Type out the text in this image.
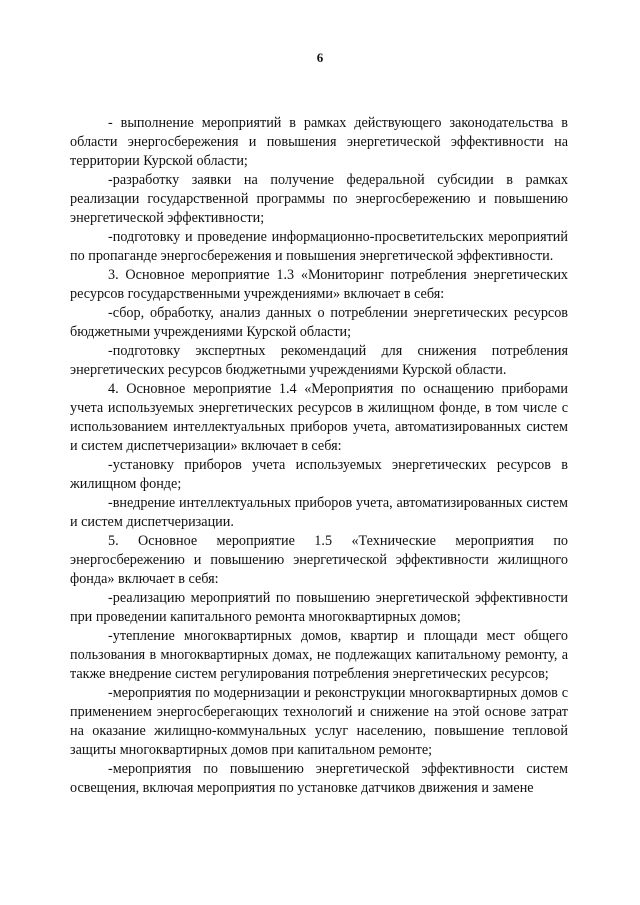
6

- выполнение мероприятий в рамках действующего законодательства в области энергосбережения и повышения энергетической эффективности на территории Курской области;

-разработку заявки на получение федеральной субсидии в рамках реализации государственной программы по энергосбережению и повышению энергетической эффективности;

-подготовку и проведение информационно-просветительских мероприятий по пропаганде энергосбережения и повышения энергетической эффективности.

3. Основное мероприятие 1.3 «Мониторинг потребления энергетических ресурсов государственными учреждениями» включает в себя:

-сбор, обработку, анализ данных о потреблении энергетических ресурсов бюджетными учреждениями Курской области;

-подготовку экспертных рекомендаций для снижения потребления энергетических ресурсов бюджетными учреждениями Курской области.

4. Основное мероприятие 1.4 «Мероприятия по оснащению приборами учета используемых энергетических ресурсов в жилищном фонде, в том числе с использованием интеллектуальных приборов учета, автоматизированных систем и систем диспетчеризации» включает в себя:

-установку приборов учета используемых энергетических ресурсов в жилищном фонде;

-внедрение интеллектуальных приборов учета, автоматизированных систем и систем диспетчеризации.

5. Основное мероприятие 1.5 «Технические мероприятия по энергосбережению и повышению энергетической эффективности жилищного фонда» включает в себя:

-реализацию мероприятий по повышению энергетической эффективности при проведении капитального ремонта многоквартирных домов;

-утепление многоквартирных домов, квартир и площади мест общего пользования в многоквартирных домах, не подлежащих капитальному ремонту, а также внедрение систем регулирования потребления энергетических ресурсов;

-мероприятия по модернизации и реконструкции многоквартирных домов с применением энергосберегающих технологий и снижение на этой основе затрат на оказание жилищно-коммунальных услуг населению, повышение тепловой защиты многоквартирных домов при капитальном ремонте;

-мероприятия по повышению энергетической эффективности систем освещения, включая мероприятия по установке датчиков движения и замене
